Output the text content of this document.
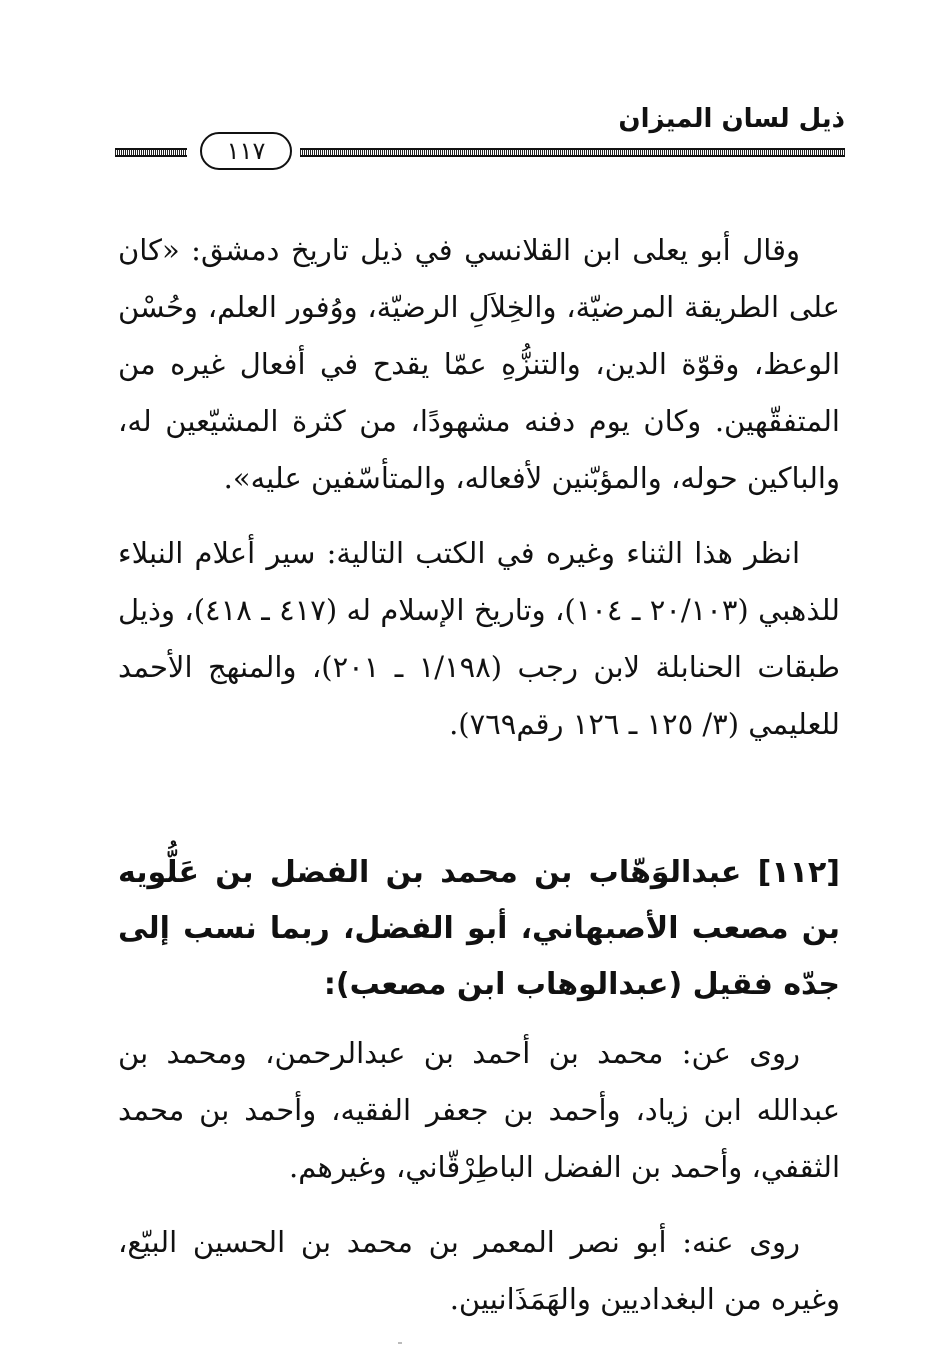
ذيل لسان الميزان
١١٧

وقال أبو يعلى ابن القلانسي في ذيل تاريخ دمشق: «كان على الطريقة المرضيّة، والخِلاَلِ الرضيّة، ووُفور العلم، وحُسْن الوعظ، وقوّة الدين، والتنزُّهِ عمّا يقدح في أفعال غيره من المتفقّهين. وكان يوم دفنه مشهودًا، من كثرة المشيّعين له، والباكين حوله، والمؤبّنين لأفعاله، والمتأسّفين عليه».

انظر هذا الثناء وغيره في الكتب التالية: سير أعلام النبلاء للذهبي (٢٠/١٠٣ ـ ١٠٤)، وتاريخ الإسلام له (٤١٧ ـ ٤١٨)، وذيل طبقات الحنابلة لابن رجب (١/١٩٨ ـ ٢٠١)، والمنهج الأحمد للعليمي (٣/ ١٢٥ ـ ١٢٦ رقم٧٦٩).

[١١٢] عبدالوَهّاب بن محمد بن الفضل بن عَلُّويه بن مصعب الأصبهاني، أبو الفضل، ربما نسب إلى جدّه فقيل (عبدالوهاب ابن مصعب):

روى عن: محمد بن أحمد بن عبدالرحمن، ومحمد بن عبدالله ابن زياد، وأحمد بن جعفر الفقيه، وأحمد بن محمد الثقفي، وأحمد بن الفضل الباطِرْقّاني، وغيرهم.

روى عنه: أبو نصر المعمر بن محمد بن الحسين البيّع، وغيره من البغداديين والهَمَذَانيين.
